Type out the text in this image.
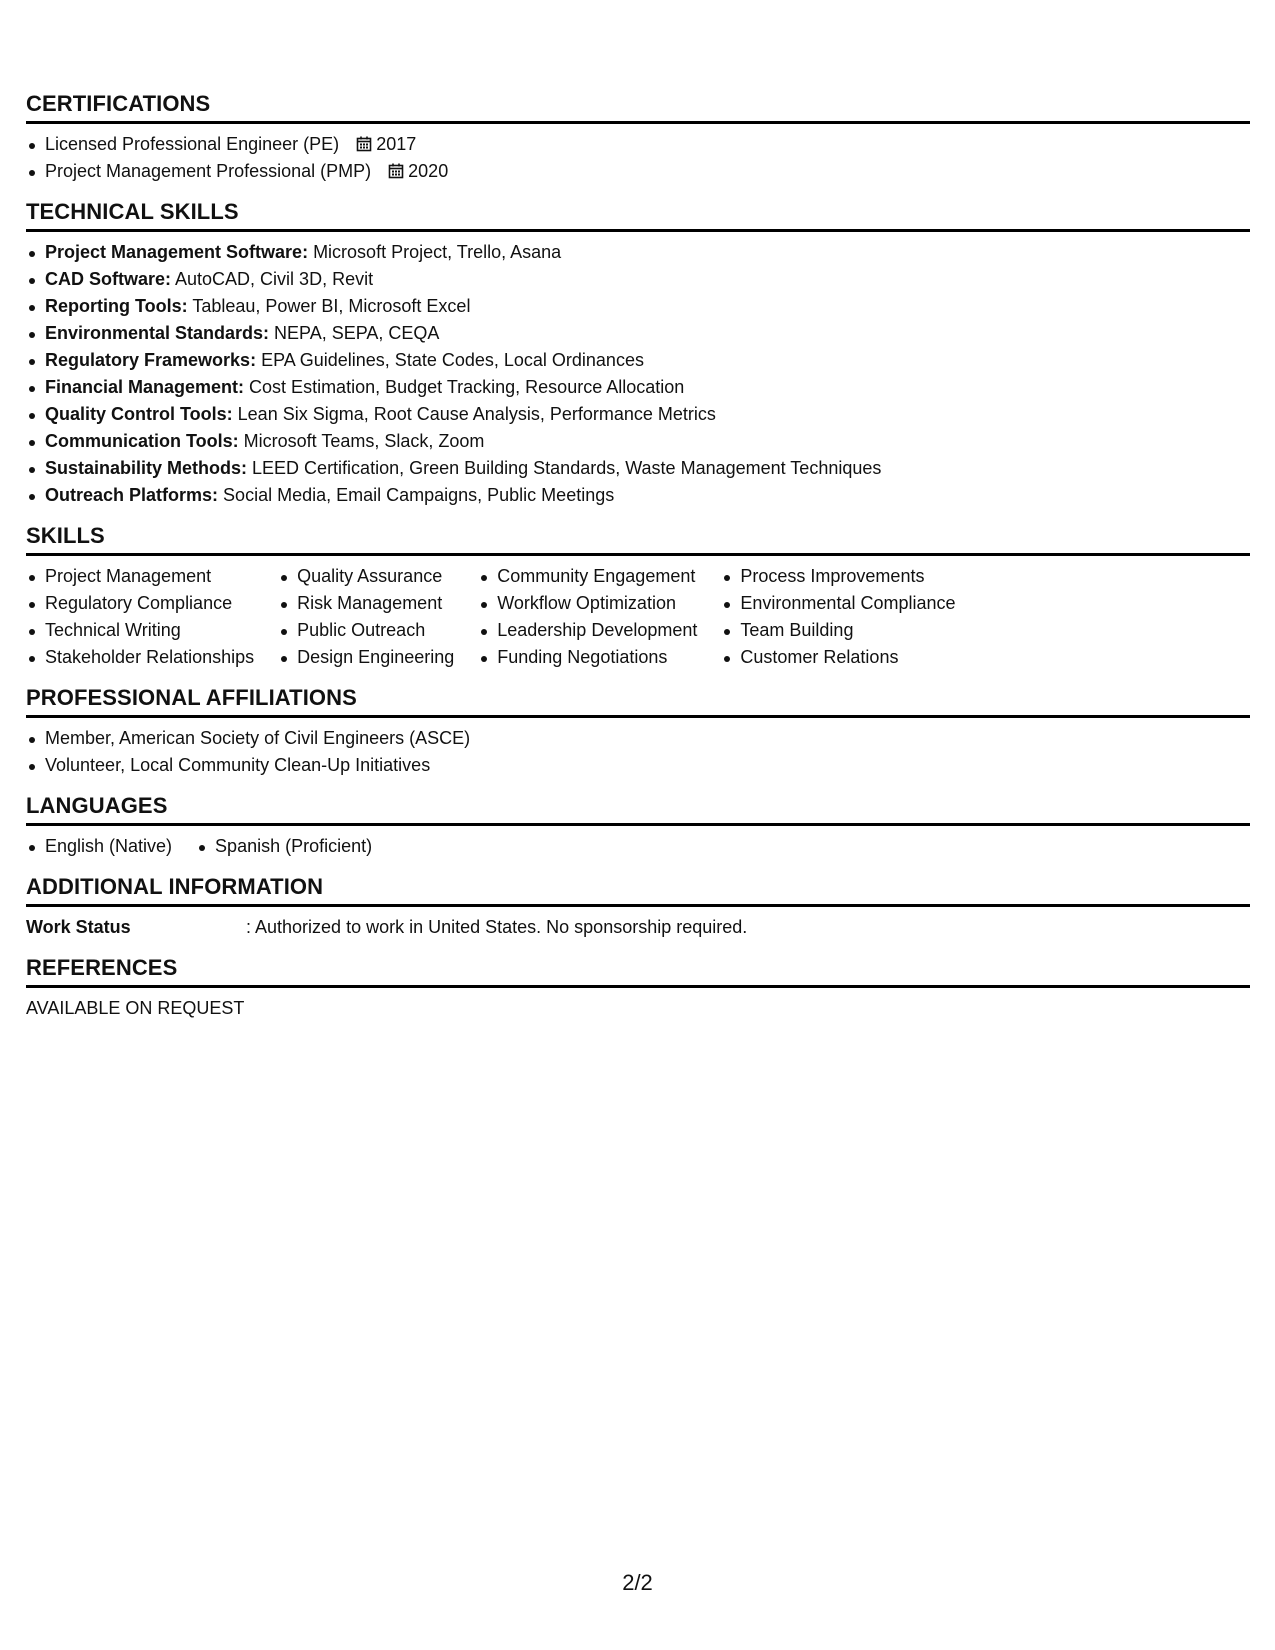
CERTIFICATIONS
Licensed Professional Engineer (PE) 2017
Project Management Professional (PMP) 2020
TECHNICAL SKILLS
Project Management Software: Microsoft Project, Trello, Asana
CAD Software: AutoCAD, Civil 3D, Revit
Reporting Tools: Tableau, Power BI, Microsoft Excel
Environmental Standards: NEPA, SEPA, CEQA
Regulatory Frameworks: EPA Guidelines, State Codes, Local Ordinances
Financial Management: Cost Estimation, Budget Tracking, Resource Allocation
Quality Control Tools: Lean Six Sigma, Root Cause Analysis, Performance Metrics
Communication Tools: Microsoft Teams, Slack, Zoom
Sustainability Methods: LEED Certification, Green Building Standards, Waste Management Techniques
Outreach Platforms: Social Media, Email Campaigns, Public Meetings
SKILLS
Project Management
Regulatory Compliance
Technical Writing
Stakeholder Relationships
Quality Assurance
Risk Management
Public Outreach
Design Engineering
Community Engagement
Workflow Optimization
Leadership Development
Funding Negotiations
Process Improvements
Environmental Compliance
Team Building
Customer Relations
PROFESSIONAL AFFILIATIONS
Member, American Society of Civil Engineers (ASCE)
Volunteer, Local Community Clean-Up Initiatives
LANGUAGES
English (Native)	Spanish (Proficient)
ADDITIONAL INFORMATION
Work Status	: Authorized to work in United States. No sponsorship required.
REFERENCES
AVAILABLE ON REQUEST
2/2
